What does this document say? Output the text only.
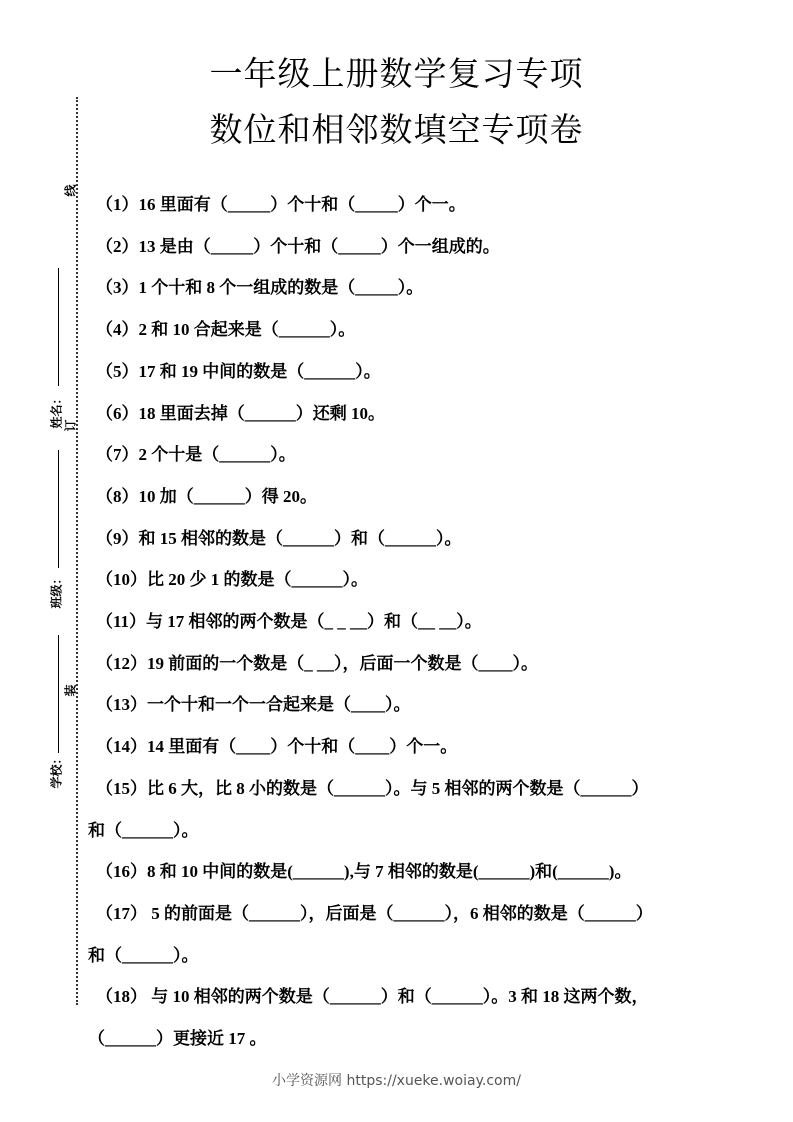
一年级上册数学复习专项
数位和相邻数填空专项卷
线
订
装
姓名：
班级：
学校：
（1）16 里面有（_____）个十和（_____）个一。
（2）13 是由（_____）个十和（_____）个一组成的。
（3）1 个十和 8 个一组成的数是（_____）。
（4）2 和 10 合起来是（______）。
（5）17 和 19 中间的数是（______）。
（6）18 里面去掉（______）还剩 10。
（7）2 个十是（______）。
（8）10 加（______）得 20。
（9）和 15 相邻的数是（______）和（______）。
（10）比 20 少 1 的数是（______）。
（11）与 17 相邻的两个数是（_ _ __）和（__ __）。
（12）19 前面的一个数是（_ __），后面一个数是（____）。
（13）一个十和一个一合起来是（____）。
（14）14 里面有（____）个十和（____）个一。
（15）比 6 大，比 8 小的数是（______）。与 5 相邻的两个数是（______）
和（______）。
（16）8 和 10 中间的数是(______),与 7 相邻的数是(______)和(______)。
（17） 5 的前面是（______），后面是（______），6 相邻的数是（______）
和（______）。
（18） 与 10 相邻的两个数是（______）和（______）。3 和 18 这两个数，
（______）更接近 17 。
小学资源网 https://xueke.woiay.com/
